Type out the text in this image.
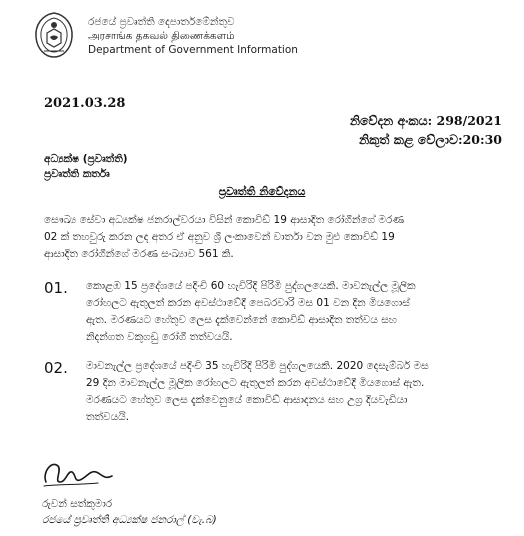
රජයේ ප්‍රවෘත්ති දෙපාර්තමේන්තුව
அரசாங்க தகவல் திணைக்களம்
Department of Government Information
2021.03.28
නිවේදන අංකය: 298/2021
නිකුත් කළ වේලාව:20:30
අධ්‍යක්ෂ (ප්‍රවෘත්ති)
ප්‍රවෘත්ති කර්තෘ
ප්‍රවෘත්ති නිවේදනය
සෞඛ්‍ය සේවා අධ්‍යක්ෂ ජනරාල්වරයා විසින් කොවිඩ් 19 ආසාදිත රෝගීන්ගේ මරණ
02 ක් තහවුරු කරන ලද අතර ඒ අනුව ශ්‍රී ලංකාවෙන් වාර්තා වන මුළු කොවිඩ් 19
ආසාදිත රෝගීන්ගේ මරණ සංඛ්‍යාව 561 කි.
01. කොළඹ 15 ප්‍රදේශයේ පදිංචි 60 හැවිරිදි පිරිමි පුද්ගලයෙකි. මාවනැල්ල මූලික
රෝහලට ඇතුලත් කරන අවස්ථාවේදී පෙබරවාරි මස 01 වන දින මියගොස්
ඇත. මරණයට හේතුව ලෙස දැක්වෙන්නේ කොවිඩ් ආසාදිත තත්වය සහ
නිදන්ගත වකුගඩු රෝගී තත්වයයි.
02. මාවනැල්ල ප්‍රදේශයේ පදිංචි 35 හැවිරිදි පිරිමි පුද්ගලයෙකි. 2020 දෙසැම්බර් මස
29 දින මාවනැල්ල මූලික රෝහලට ඇතුලත් කරන අවස්ථාවේදී මියගොස් ඇත.
මරණයට හේතුව ලෙස දැක්වෙනුයේ කොවිඩ් ආසාදනය සහ උග්‍ර දියවැඩියා
තත්වයයි.
රුවන් සත්කුමාර
රජයේ ප්‍රවෘත්ති අධ්‍යක්ෂ ජනරාල් (වැ.බ)
